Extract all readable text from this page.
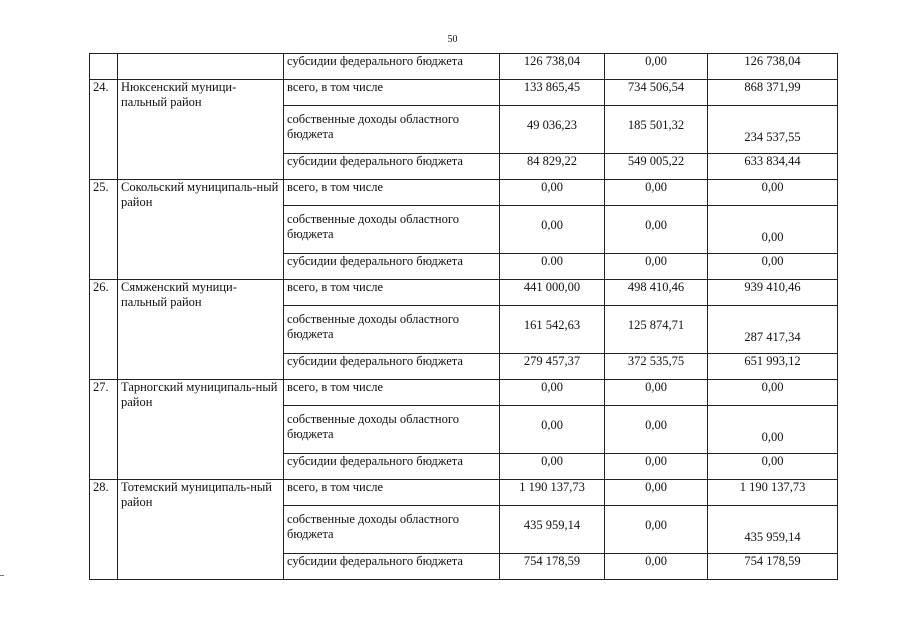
50
		субсидии федерального бюджета	126 738,04	0,00	126 738,04
24.	Нюксенский муници-пальный район	всего, в том числе	133 865,45	734 506,54	868 371,99
		собственные доходы областного бюджета	49 036,23	185 501,32	234 537,55
		субсидии федерального бюджета	84 829,22	549 005,22	633 834,44
25.	Сокольский муниципаль-ный район	всего, в том числе	0,00	0,00	0,00
		собственные доходы областного бюджета	0,00	0,00	0,00
		субсидии федерального бюджета	0.00	0,00	0,00
26.	Сямженский муници-пальный район	всего, в том числе	441 000,00	498 410,46	939 410,46
		собственные доходы областного бюджета	161 542,63	125 874,71	287 417,34
		субсидии федерального бюджета	279 457,37	372 535,75	651 993,12
27.	Тарногский муниципаль-ный район	всего, в том числе	0,00	0,00	0,00
		собственные доходы областного бюджета	0,00	0,00	0,00
		субсидии федерального бюджета	0,00	0,00	0,00
28.	Тотемский муниципаль-ный район	всего, в том числе	1 190 137,73	0,00	1 190 137,73
		собственные доходы областного бюджета	435 959,14	0,00	435 959,14
		субсидии федерального бюджета	754 178,59	0,00	754 178,59
